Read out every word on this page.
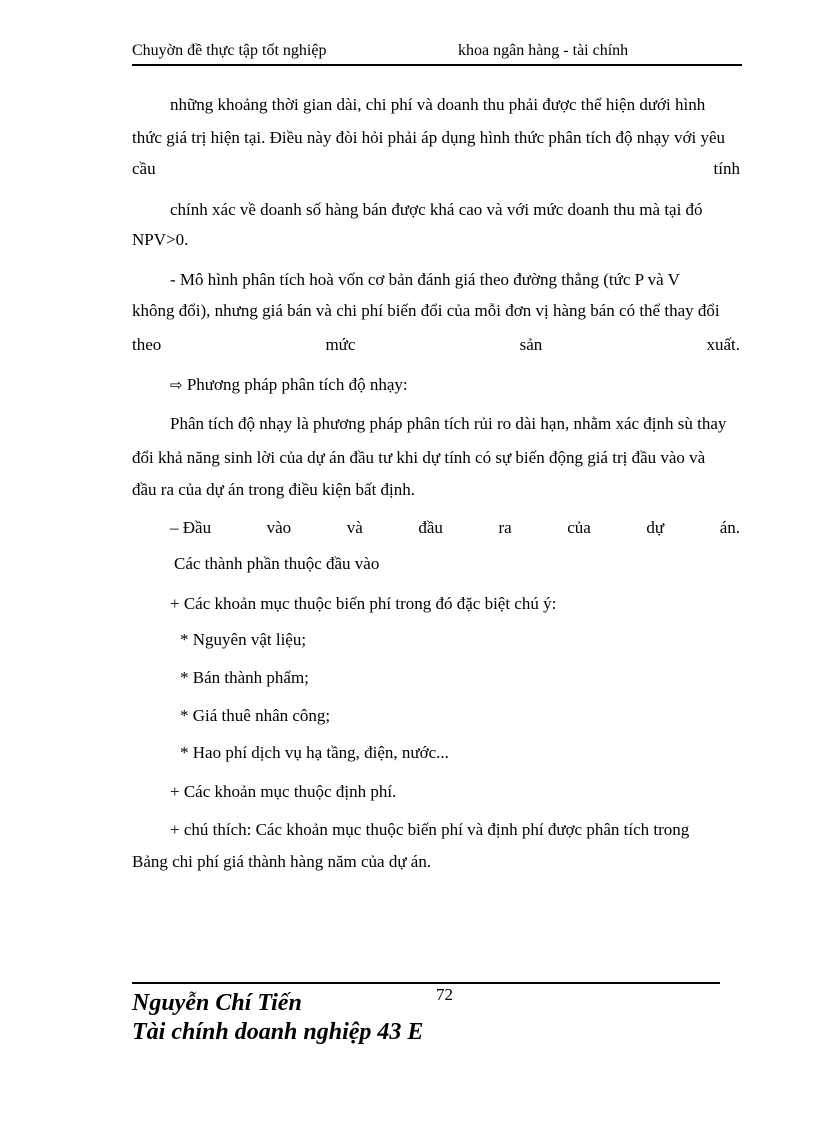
Chuyờn đề thực tập tốt nghiệp	khoa ngân hàng - tài chính
những khoảng thời gian dài, chi phí và doanh thu phải được thể hiện dưới hình
thức giá trị hiện tại. Điều này đòi hỏi phải áp dụng hình thức phân tích độ nhạy với yêu
cầu	tính
chính xác về doanh số hàng bán được khá cao và với mức doanh thu mà tại đó
NPV>0.
- Mô hình phân tích hoà vốn cơ bản đánh giá theo đường thẳng (tức P và V
không đổi), nhưng giá bán và chi phí biến đổi của mỗi đơn vị hàng bán có thể thay đổi
theo	mức	sản	xuất.
⇨ Phương pháp phân tích độ nhạy:
Phân tích độ nhạy là phương pháp phân tích rủi ro dài hạn, nhằm xác định sù thay
đổi khả năng sinh lời của dự án đầu tư khi dự tính có sự biến động giá trị đầu vào và
đầu ra của dự án trong điều kiện bất định.
– Đầu	vào	và	đầu	ra	của	dự	án.
Các thành phần thuộc đầu vào
+ Các khoản mục thuộc biến phí trong đó đặc biệt chú ý:
* Nguyên vật liệu;
* Bán thành phẩm;
* Giá thuê nhân công;
* Hao phí dịch vụ hạ tầng, điện, nước...
+ Các khoản mục thuộc định phí.
+ chú thích: Các khoản mục thuộc biến phí và định phí được phân tích trong
Bảng chi phí giá thành hàng năm của dự án.
72
Nguyễn Chí Tiến
Tài chính doanh nghiệp 43 E
